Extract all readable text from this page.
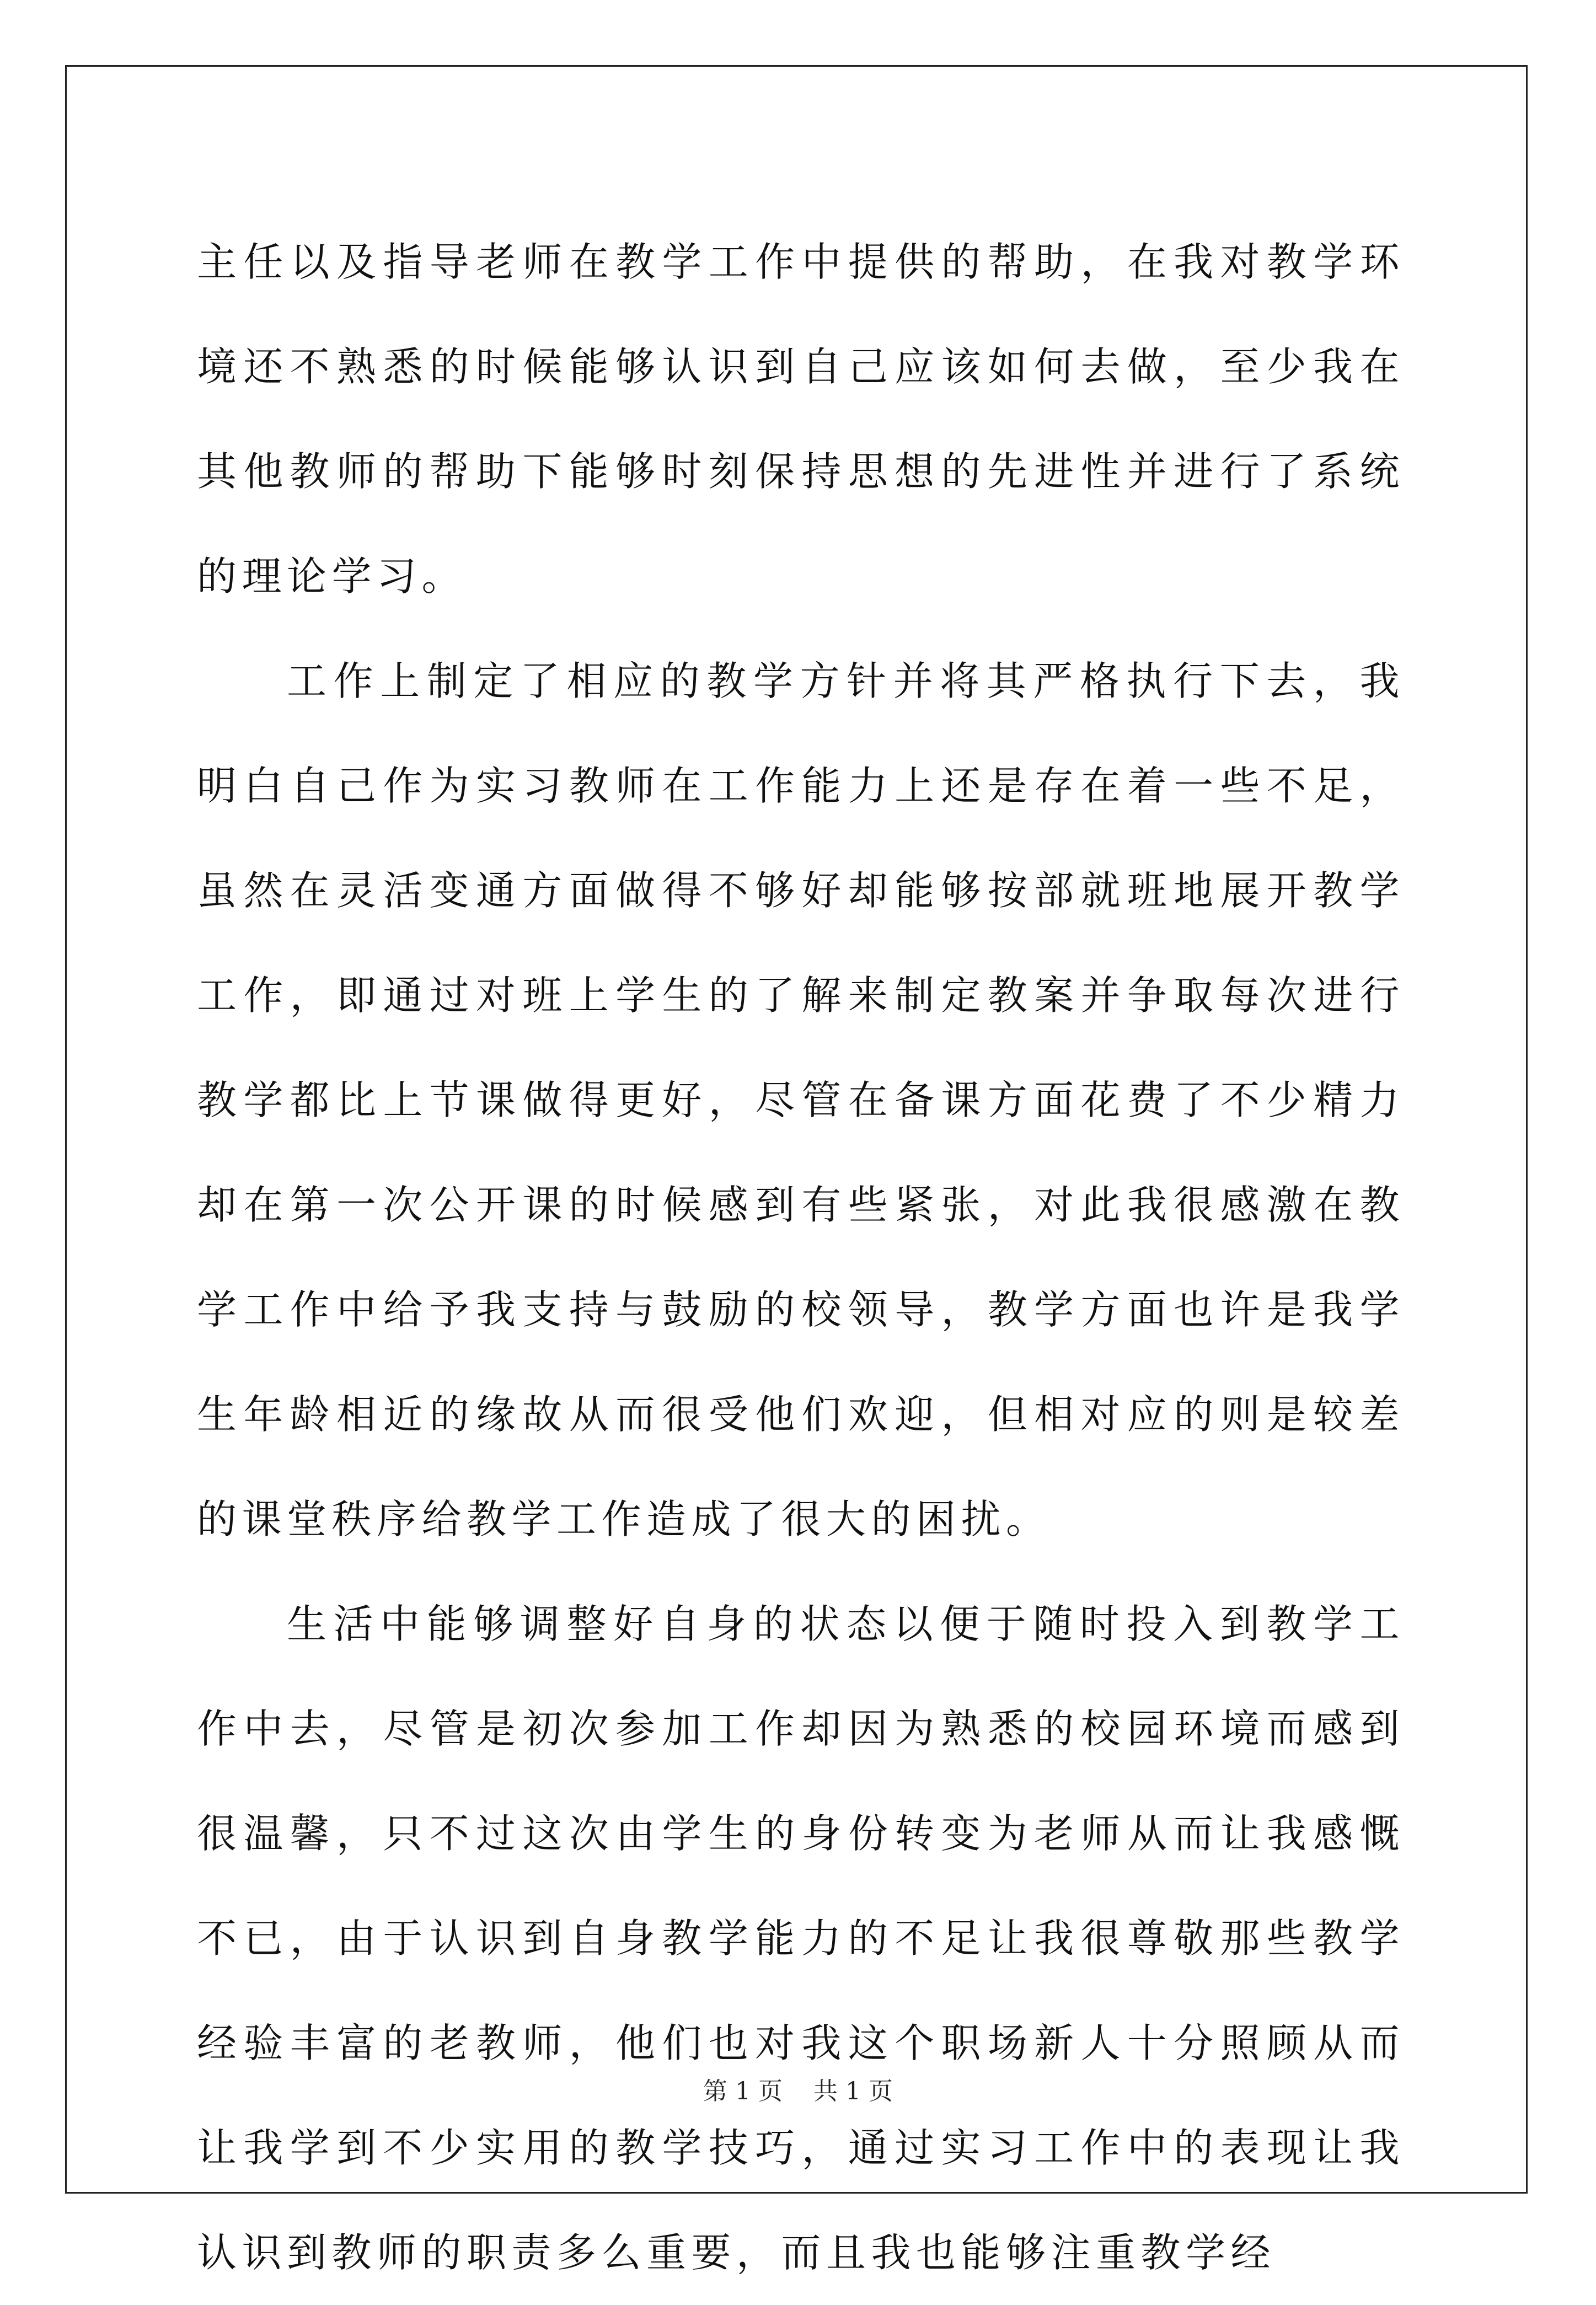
主任以及指导老师在教学工作中提供的帮助，在我对教学环境还不熟悉的时候能够认识到自己应该如何去做，至少我在其他教师的帮助下能够时刻保持思想的先进性并进行了系统的理论学习。

工作上制定了相应的教学方针并将其严格执行下去，我明白自己作为实习教师在工作能力上还是存在着一些不足，虽然在灵活变通方面做得不够好却能够按部就班地展开教学工作，即通过对班上学生的了解来制定教案并争取每次进行教学都比上节课做得更好，尽管在备课方面花费了不少精力却在第一次公开课的时候感到有些紧张，对此我很感激在教学工作中给予我支持与鼓励的校领导，教学方面也许是我学生年龄相近的缘故从而很受他们欢迎，但相对应的则是较差的课堂秩序给教学工作造成了很大的困扰。

生活中能够调整好自身的状态以便于随时投入到教学工作中去，尽管是初次参加工作却因为熟悉的校园环境而感到很温馨，只不过这次由学生的身份转变为老师从而让我感慨不已，由于认识到自身教学能力的不足让我很尊敬那些教学经验丰富的老教师，他们也对我这个职场新人十分照顾从而让我学到不少实用的教学技巧，通过实习工作中的表现让我认识到教师的职责多么重要，而且我也能够注重教学经

第 1 页    共 1 页
